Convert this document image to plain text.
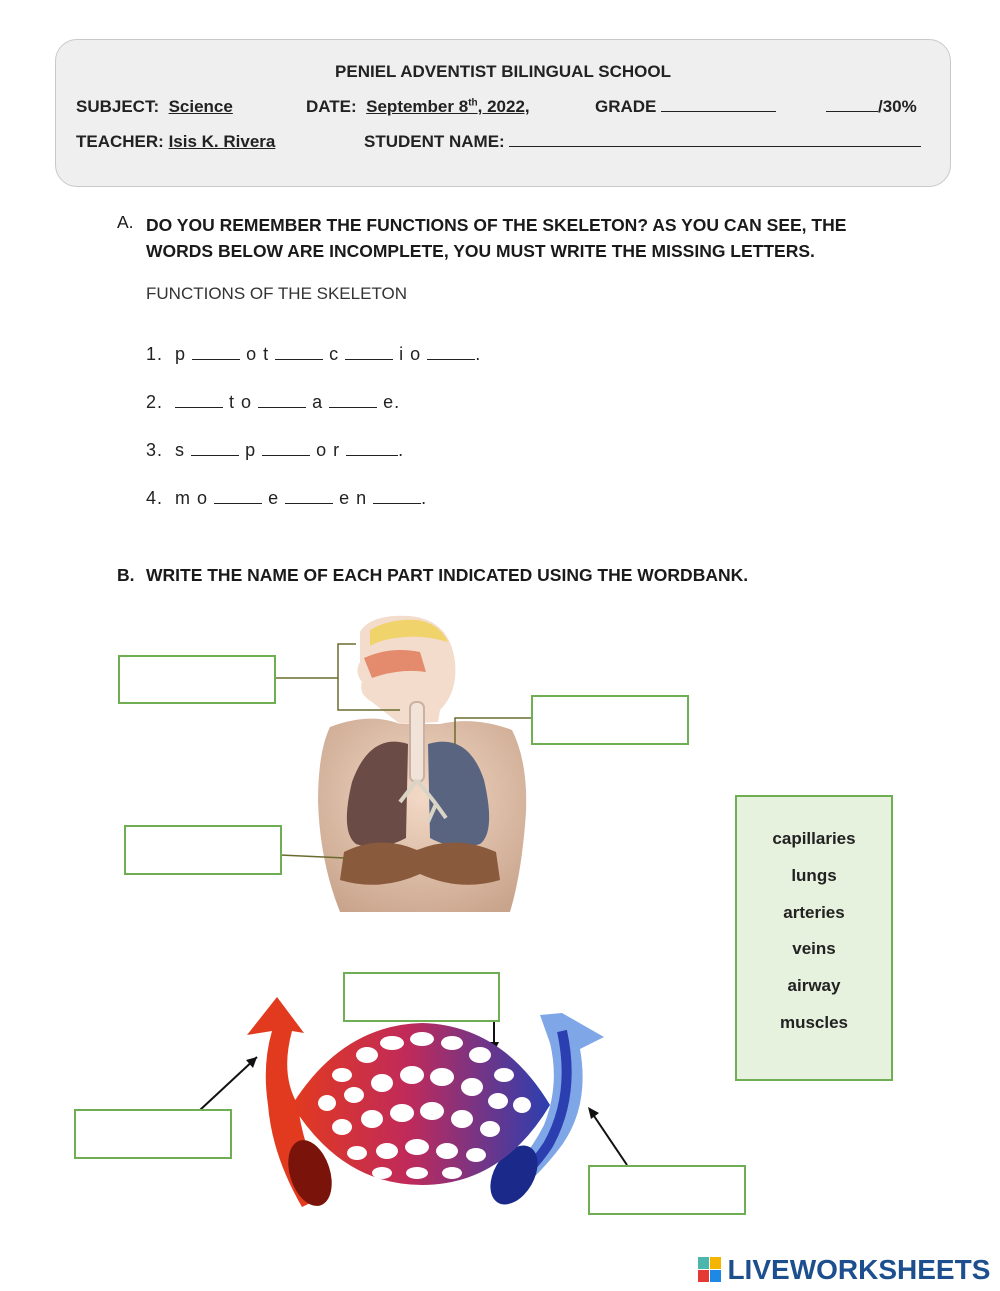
PENIEL ADVENTIST BILINGUAL SCHOOL
SUBJECT: Science	DATE: September 8th, 2022,	GRADE	/30%
TEACHER: Isis K. Rivera	STUDENT NAME:
A. DO YOU REMEMBER THE FUNCTIONS OF THE SKELETON? AS YOU CAN SEE, THE
WORDS BELOW ARE INCOMPLETE, YOU MUST WRITE THE MISSING LETTERS.
FUNCTIONS OF THE SKELETON
1. p	o t	c	i o	.
2.	t o	a	e.
3. s	p	o r	.
4. m o	e	e n	.
B. WRITE THE NAME OF EACH PART INDICATED USING THE WORDBANK.
capillaries
lungs
arteries
veins
airway
muscles
LIVEWORKSHEETS
